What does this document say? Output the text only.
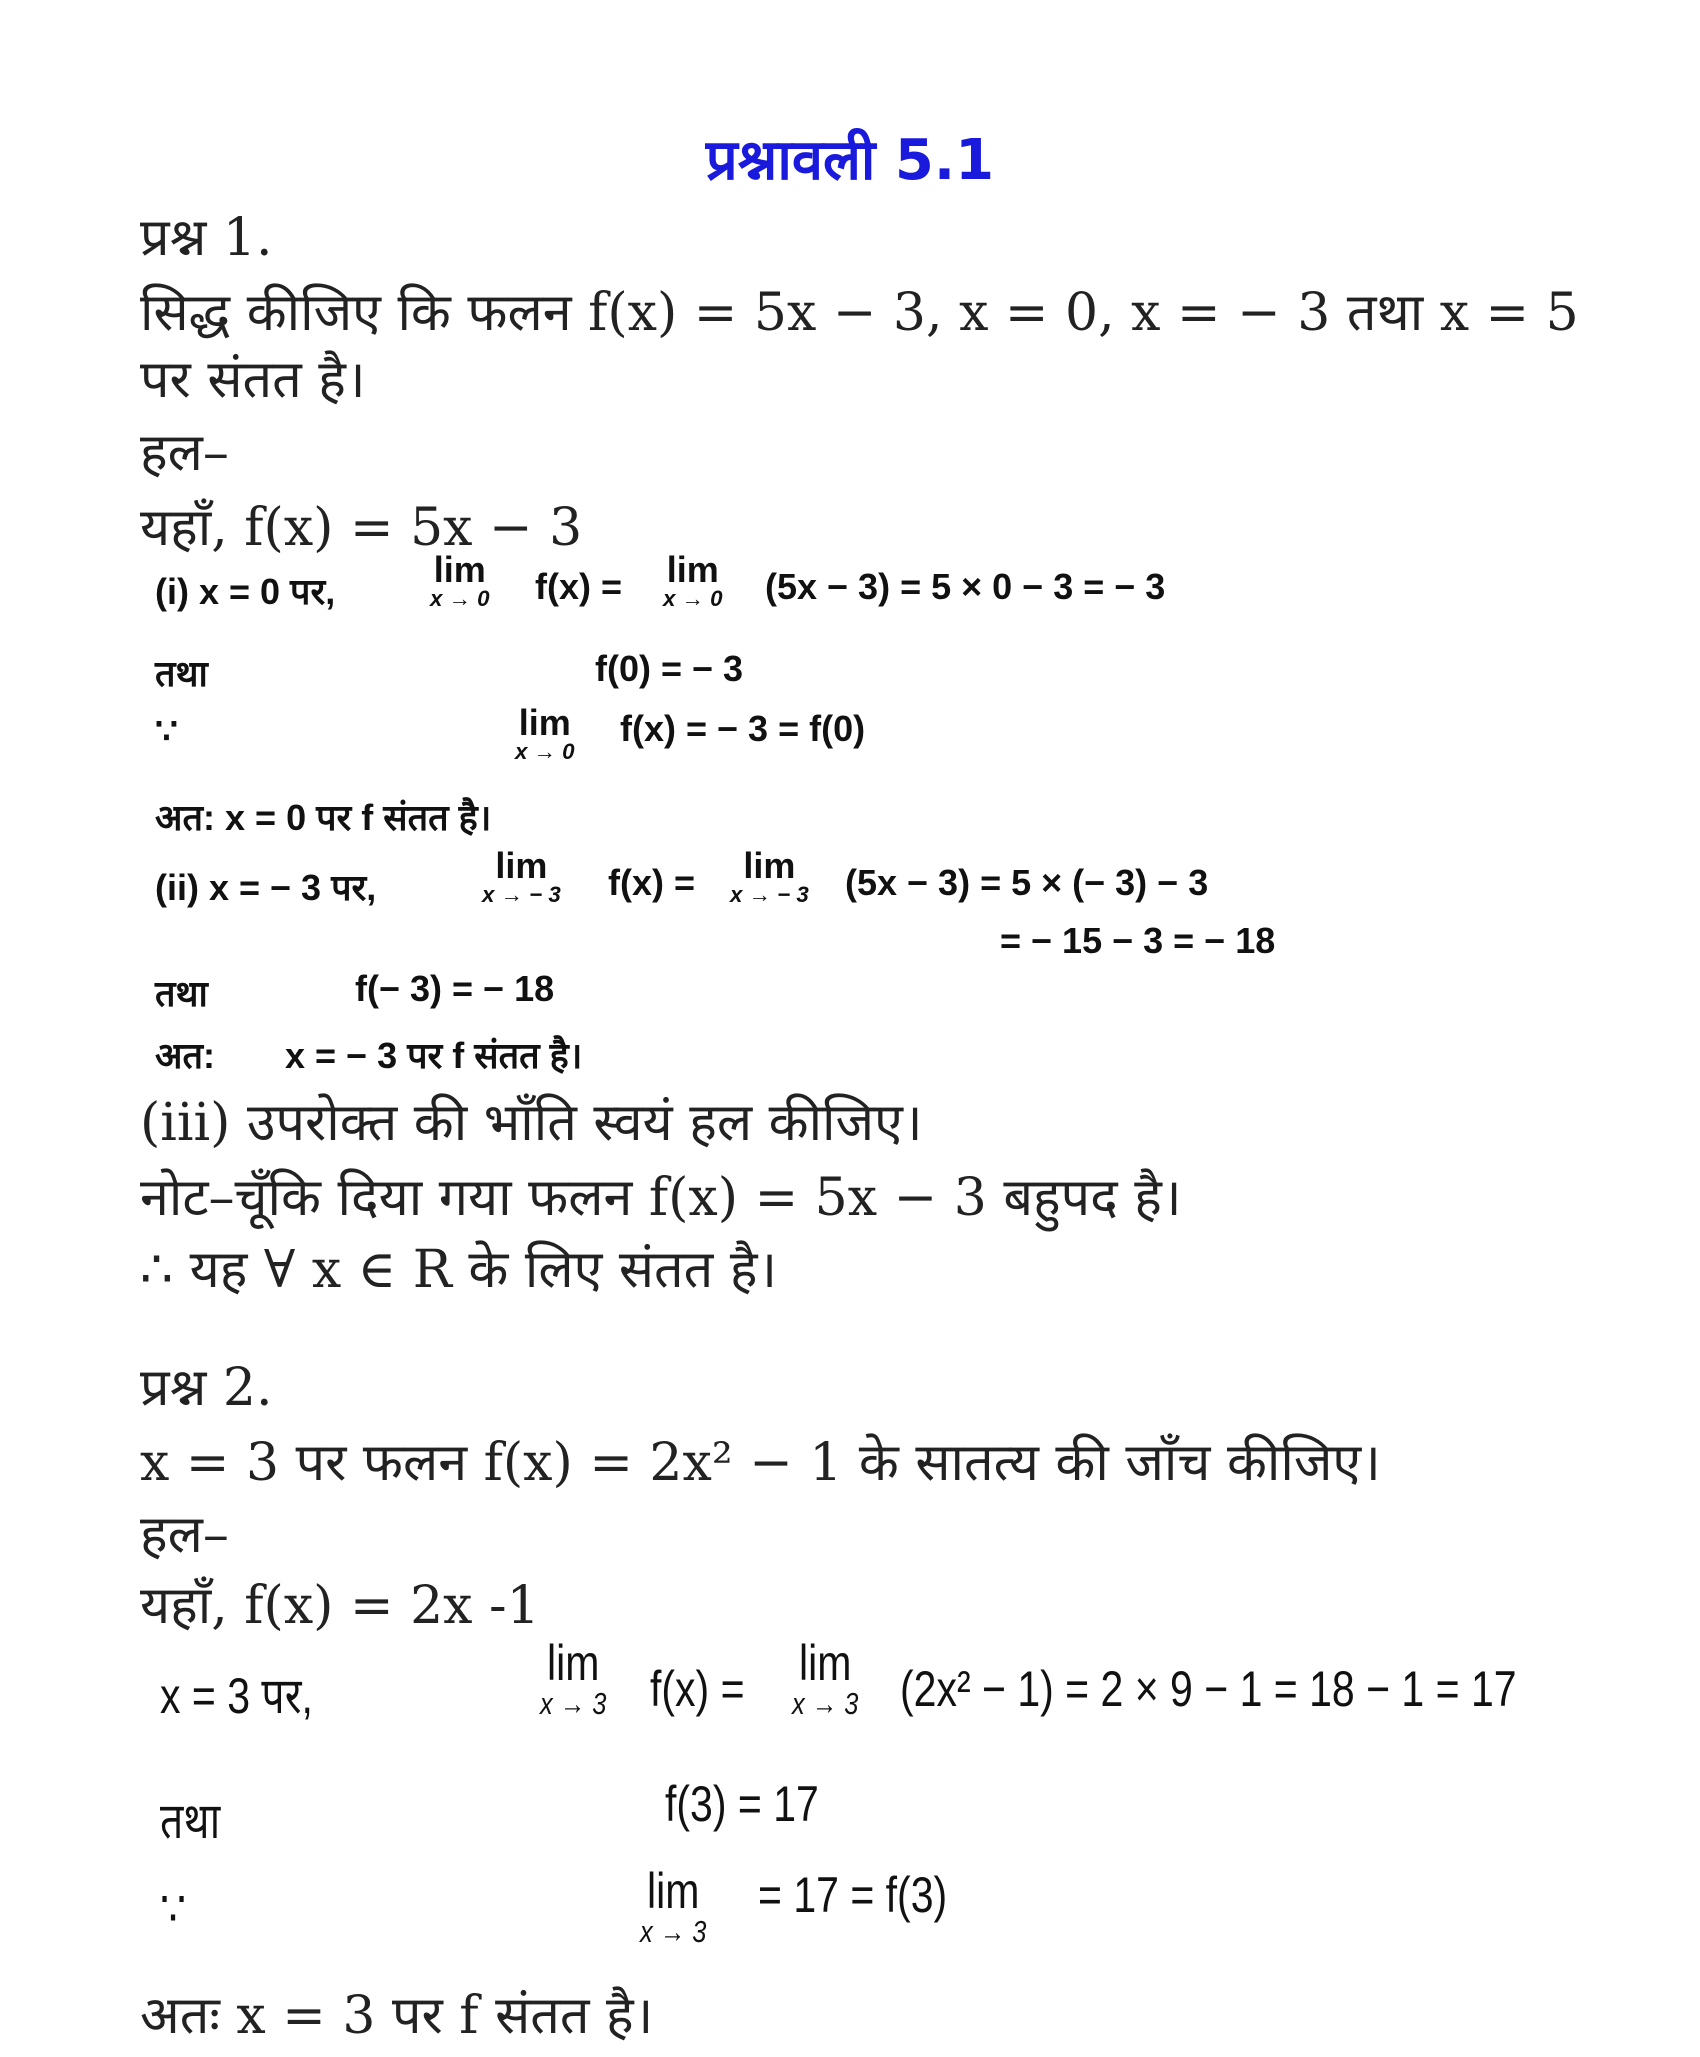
प्रश्नावली 5.1
प्रश्न 1.
सिद्ध कीजिए कि फलन f(x) = 5x − 3, x = 0, x = − 3 तथा x = 5
पर संतत है।
हल–
यहाँ, f(x) = 5x − 3
(i) x = 0 पर,
lim
x → 0 f(x) = lim
x → 0 (5x − 3) = 5 × 0 − 3 = − 3
तथा	f(0) = − 3
∵	lim
x → 0
f(x) = − 3 = f(0)
अत: x = 0 पर f संतत है।
(ii) x = − 3 पर,
lim
x → − 3 f(x) =	lim
x → − 3 (5x − 3) = 5 × (− 3) − 3
= − 15 − 3 = − 18
तथा	f(− 3) = − 18
अत: x = − 3 पर f संतत है।
(iii) उपरोक्त की भाँति स्वयं हल कीजिए।
नोट–चूँकि दिया गया फलन f(x) = 5x − 3 बहुपद है।
∴ यह ∀ x ∈ R के लिए संतत है।
प्रश्न 2.
x = 3 पर फलन f(x) = 2x² − 1 के सातत्य की जाँच कीजिए।
हल–
यहाँ, f(x) = 2x -1
x = 3 पर,
lim
x → 3 f(x) = lim
x → 3 (2x² − 1) = 2 × 9 − 1 = 18 − 1 = 17
तथा	f(3) = 17
∵	lim
x → 3
= 17 = f(3)
अतः x = 3 पर f संतत है।
